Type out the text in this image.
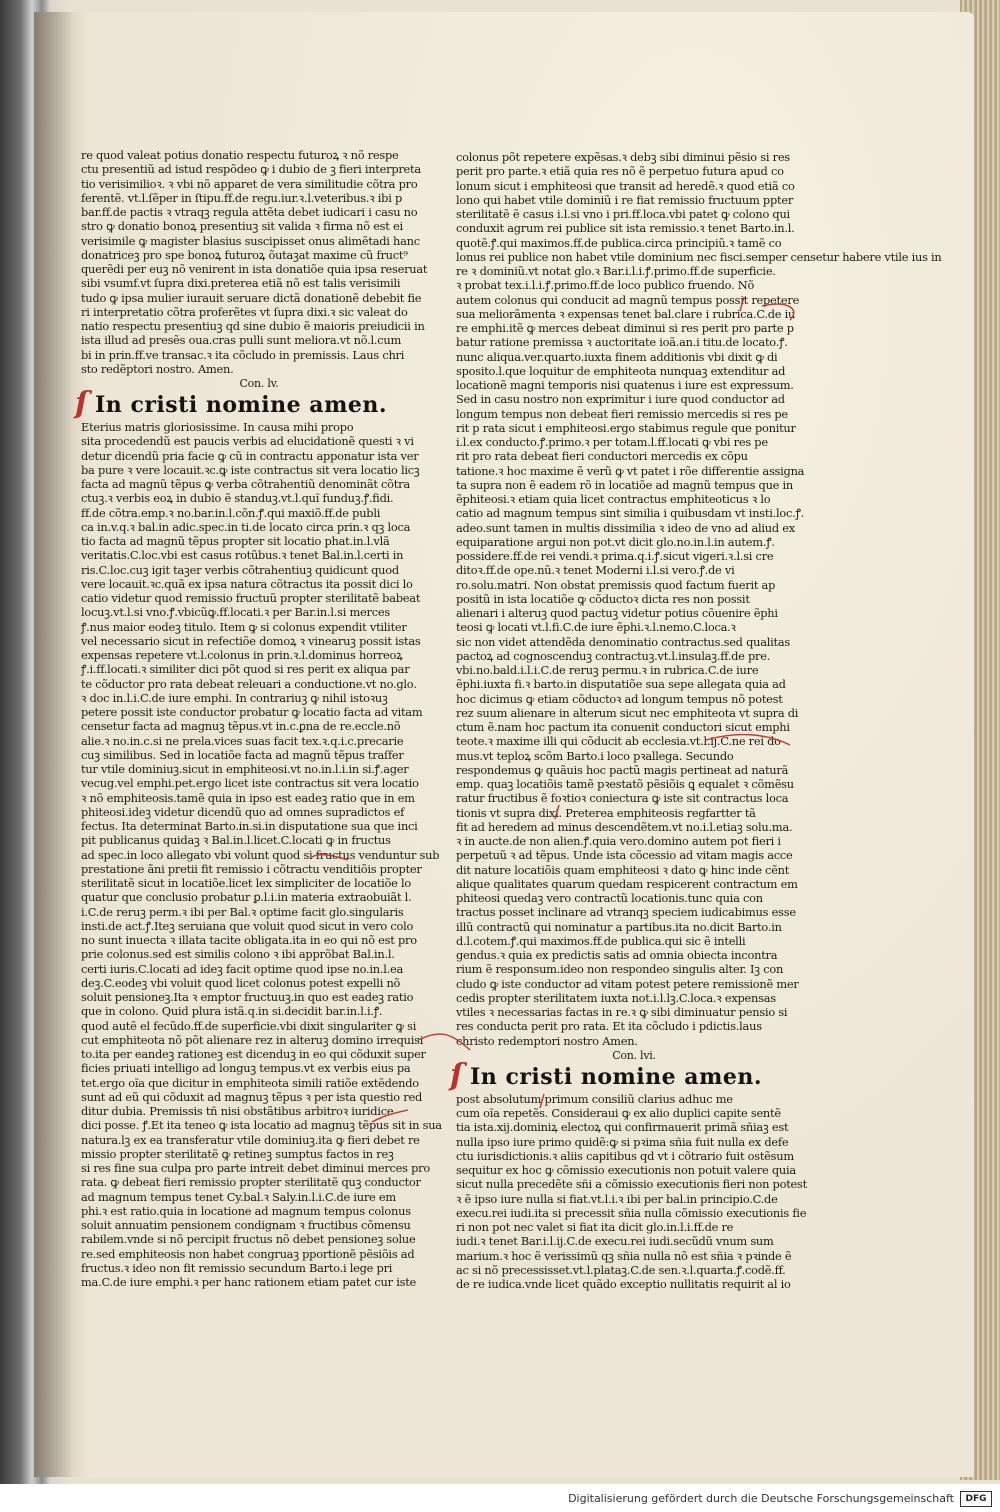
re quod valeat potius donatio respectu futuroꝝ ꝛ nõ respe
ctu presentiũ ad istud respõdeo ꝙ i dubio de ꝫ fieri interpreta
tio verisimilioꝛ. ꝛ vbi nõ apparet de vera similitudie cõtra pro
ferentẽ. vt.l.ſẽper in ſtipu.ff.de regu.iur.ꝛ.l.veteribus.ꝛ ibi p
bar.ff.de pactis ꝛ vtraqꝫ regula attẽta debet iudicari i casu no
stro ꝙ donatio bonoꝝ presentiuꝫ sit valida ꝛ firma nõ est ei
verisimile ꝙ magister blasius suscipisset onus alimẽtadi hanc
donatriceꝫ pro spe bonoꝝ futuroꝝ õutaꝫat maxime cũ fruct⁹
querẽdi per euꝫ nõ venirent in ista donatiõe quia ipsa reseruat
sibi vsumf.vt ſupra dixi.preterea etiã nõ est talis verisimili
tudo ꝙ ipsa mulier iurauit seruare dictã donationẽ debebit fie
ri interpretatio cõtra proferẽtes vt ſupra dixi.ꝛ sic valeat do
natio respectu presentiuꝫ qd sine dubio ẽ maioris preiudicii in
ista illud ad presẽs oua.cras pulli sunt meliora.vt nõ.l.cum
bi in prin.ff.ve transac.ꝛ ita cõcludo in premissis. Laus chri
sto redẽptori nostro. Amen.
Con. lv.
ſ In cristi nomine amen.
Eterius matris gloriosissime. In causa mihi propo
sita procedendũ est paucis verbis ad elucidationẽ questi ꝛ vi
detur dicendũ pria facie ꝙ cũ in contractu apponatur ista ver
ba pure ꝛ vere locauit.ꝛc.ꝙ iste contractus sit vera locatio licꝫ
facta ad magnũ tẽpus ꝙ verba cõtrahentiũ denominãt cõtra
ctuꝫ.ꝛ verbis eoꝝ in dubio ẽ standuꝫ.vt.l.quĩ funduꝫ.ꝭ.fidi.
ff.de cõtra.emp.ꝛ no.bar.in.l.cõn.ꝭ.qui maxiõ.ff.de publi
ca in.v.q.ꝛ bal.in adic.spec.in ti.de locato circa prin.ꝛ qꝫ loca
tio facta ad magnũ tẽpus propter sit locatio phat.in.l.vlã
veritatis.C.loc.vbi est casus rotũbus.ꝛ tenet Bal.in.l.certi in
ris.C.loc.cuꝫ igit taꝫer verbis cõtrahentiuꝫ quidicunt quod
vere locauit.ꝛc.quã ex ipsa natura cõtractus ita possit dici lo
catio videtur quod remissio fructuũ propter sterilitatẽ babeat
locuꝫ.vt.l.si vno.ꝭ.vbicũꝙ.ff.locati.ꝛ per Bar.in.l.si merces
ꝭ.nus maior eodeꝫ titulo. Item ꝙ si colonus expendit vtiliter
vel necessario sicut in refectiõe domoꝝ ꝛ vinearuꝫ possit istas
expensas repetere vt.l.colonus in prin.ꝛ.l.dominus horreoꝝ
ꝭ.i.ff.locati.ꝛ similiter dici põt quod si res perit ex aliqua par
te cõductor pro rata debeat releuari a conductione.vt no.glo.
ꝛ doc in.l.i.C.de iure emphi. In contrariuꝫ ꝙ nihil istoꝛuꝫ
petere possit iste conductor probatur ꝙ locatio facta ad vitam
censetur facta ad magnuꝫ tẽpus.vt in.c.ꝑna de re.eccle.nõ
alie.ꝛ no.in.c.si ne prela.vices suas facit tex.ꝛ.q.i.c.precarie
cuꝫ similibus. Sed in locatiõe facta ad magnũ tẽpus traſfer
tur vtile dominiuꝫ.sicut in emphiteosi.vt no.in.l.i.in si.ꝭ.ager
vecug.vel emphi.pet.ergo licet iste contractus sit vera locatio
ꝛ nõ emphiteosis.tamẽ quia in ipso est eadeꝫ ratio que in em
phiteosi.ideꝫ videtur dicendũ quo ad omnes supradictos ef
fectus. Ita determinat Barto.in.si.in disputatione sua que inci
pit publicanus quidaꝫ ꝛ Bal.in.l.licet.C.locati ꝙ in fructus
ad spec.in loco allegato vbi volunt quod si fructus venduntur sub
prestatione ãni pretii fit remissio i cõtractu venditiõis propter
sterilitatẽ sicut in locatiõe.licet lex simpliciter de locatiõe lo
quatur que conclusio probatur ꝑ.l.i.in materia extraobuiãt l.
i.C.de reruꝫ perm.ꝛ ibi per Bal.ꝛ optime facit glo.singularis
insti.de act.ꝭ.Iteꝫ seruiana que voluit quod sicut in vero colo
no sunt inuecta ꝛ illata tacite obligata.ita in eo qui nõ est pro
prie colonus.sed est similis colono ꝛ ibi apprõbat Bal.in.l.
certi iuris.C.locati ad ideꝫ facit optime quod ipse no.in.l.ea
deꝫ.C.eodeꝫ vbi voluit quod licet colonus potest expelli nõ
soluit pensioneꝫ.Ita ꝛ emptor fructuuꝫ.in quo est eadeꝫ ratio
que in colono. Quid plura istã.q.in si.decidit bar.in.l.i.ꝭ.
quod autẽ el fecũdo.ff.de superficie.vbi dixit singulariter ꝙ si
cut emphiteota nõ põt alienare rez in alteruꝫ domino irrequisi
to.ita per eandeꝫ rationeꝫ est dicenduꝫ in eo qui cõduxit super
ficies priuati intelligo ad longuꝫ tempus.vt ex verbis eius pa
tet.ergo oĩa que dicitur in emphiteota simili ratiõe extẽdendo
sunt ad eũ qui cõduxit ad magnuꝫ tẽpus ꝛ per ista questio red
ditur dubia. Premissis tñ nisi obstãtibus arbitroꝛ iuridice
dici posse. ꝭ.Et ita teneo ꝙ ista locatio ad magnuꝫ tẽpus sit in sua
natura.lꝫ ex ea transferatur vtile dominiuꝫ.ita ꝙ fieri debet re
missio propter sterilitatẽ ꝙ retineꝫ sumptus factos in reꝫ
si res fine sua culpa pro parte intreit debet diminui merces pro
rata. ꝙ debeat fieri remissio propter sterilitatẽ quꝫ conductor
ad magnum tempus tenet Cy.bal.ꝛ Saly.in.l.i.C.de iure em
phi.ꝛ est ratio.quia in locatione ad magnum tempus colonus
soluit annuatim pensionem condignam ꝛ fructibus cõmensu
rabilem.vnde si nõ percipit fructus nõ debet pensioneꝫ solue
re.sed emphiteosis non habet congruaꝫ pportionẽ pẽsiõis ad
fructus.ꝛ ideo non fit remissio secundum Barto.i lege pri
ma.C.de iure emphi.ꝛ per hanc rationem etiam patet cur iste
colonus põt repetere expẽsas.ꝛ debꝫ sibi diminui pẽsio si res
perit pro parte.ꝛ etiã quia res nõ ẽ perpetuo futura apud co
lonum sicut i emphiteosi que transit ad heredẽ.ꝛ quod etiã co
lono qui habet vtile dominiũ i re fiat remissio fructuum ppter
sterilitatẽ ẽ casus i.l.si vno i pri.ff.loca.vbi patet ꝙ colono qui
conduxit agrum rei publice sit ista remissio.ꝛ tenet Barto.in.l.
quotẽ.ꝭ.qui maximos.ff.de publica.circa principiũ.ꝛ tamẽ co
lonus rei publice non habet vtile dominium nec fisci.semper censetur habere vtile ius in
re ꝛ dominiũ.vt notat glo.ꝛ Bar.i.l.i.ꝭ.primo.ff.de superficie.
ꝛ probat tex.i.l.i.ꝭ.primo.ff.de loco publico fruendo. Nõ
autem colonus qui conducit ad magnũ tempus possit repetere
sua meliorãmenta ꝛ expensas tenet bal.clare i rubrica.C.de iu
re emphi.itẽ ꝙ merces debeat diminui si res perit pro parte p
batur ratione premissa ꝛ auctoritate ioã.an.i titu.de locato.ꝭ.
nunc aliqua.ver.quarto.iuxta finem additionis vbi dixit ꝙ di
sposito.l.que loquitur de emphiteota nunquaꝫ extenditur ad
locationẽ magni temporis nisi quatenus i iure est expressum.
Sed in casu nostro non exprimitur i iure quod conductor ad
longum tempus non debeat fieri remissio mercedis si res pe
rit p rata sicut i emphiteosi.ergo stabimus regule que ponitur
i.l.ex conducto.ꝭ.primo.ꝛ per totam.l.ff.locati ꝙ vbi res pe
rit pro rata debeat fieri conductori mercedis ex cõpu
tatione.ꝛ hoc maxime ẽ verũ ꝙ vt patet i rõe differentie assigna
ta supra non ẽ eadem rõ in locatiõe ad magnũ tempus que in
ẽphiteosi.ꝛ etiam quia licet contractus emphiteoticus ꝛ lo
catio ad magnum tempus sint similia i quibusdam vt insti.loc.ꝭ.
adeo.sunt tamen in multis dissimilia ꝛ ideo de vno ad aliud ex
equiparatione argui non pot.vt dicit glo.no.in.l.in autem.ꝭ.
possidere.ff.de rei vendi.ꝛ prima.q.i.ꝭ.sicut vigeri.ꝛ.l.si cre
ditoꝛ.ff.de ope.nũ.ꝛ tenet Moderni i.l.si vero.ꝭ.de vi
ro.solu.matri. Non obstat premissis quod factum fuerit ap
positũ in ista locatiõe ꝙ cõductoꝛ dicta res non possit
alienari i alteruꝫ quod pactuꝫ videtur potius cõuenire ẽphi
teosi ꝙ locati vt.l.fi.C.de iure ẽphi.ꝛ.l.nemo.C.loca.ꝛ
sic non videt attendẽda denominatio contractus.sed qualitas
pactoꝝ ad cognoscenduꝫ contractuꝫ.vt.l.insulaꝫ.ff.de pre.
vbi.no.bald.i.l.i.C.de reruꝫ permu.ꝛ in rubrica.C.de iure
ẽphi.iuxta fi.ꝛ barto.in disputatiõe sua sepe allegata quia ad
hoc dicimus ꝙ etiam cõductoꝛ ad longum tempus nõ potest
rez suum alienare in alterum sicut nec emphiteota vt supra di
ctum ẽ.nam hoc pactum ita conuenit conductori sicut emphi
teote.ꝛ maxime illi qui cõducit ab ecclesia.vt.l.ij.C.ne rei do
mus.vt teploꝝ scõm Barto.i loco pꝛallega. Secundo
respondemus ꝙ quãuis hoc pactũ magis pertineat ad naturã
emp. quaꝫ locatiõis tamẽ pꝛestatõ pẽsiõis ꝗ equalet ꝛ cõmẽsu
ratur fructibus ẽ foꝛtioꝛ coniectura ꝙ iste sit contractus loca
tionis vt supra dixi. Preterea emphiteosis regfartter tã
fit ad heredem ad minus descendẽtem.vt no.i.l.etiaꝫ solu.ma.
ꝛ in aucte.de non alien.ꝭ.quia vero.domino autem pot fieri i
perpetuũ ꝛ ad tẽpus. Unde ista cõcessio ad vitam magis acce
dit nature locatiõis quam emphiteosi ꝛ dato ꝙ hinc inde cẽnt
alique qualitates quarum quedam respicerent contractum em
phiteosi quedaꝫ vero contractũ locationis.tunc quia con
tractus posset inclinare ad vtranqꝫ speciem iudicabimus esse
illũ contractũ qui nominatur a partibus.ita no.dicit Barto.in
d.l.cotem.ꝭ.qui maximos.ff.de publica.qui sic ẽ intelli
gendus.ꝛ quia ex predictis satis ad omnia obiecta incontra
rium ẽ responsum.ideo non respondeo singulis alter. Iꝫ con
cludo ꝙ iste conductor ad vitam potest petere remissionẽ mer
cedis propter sterilitatem iuxta not.i.l.lꝫ.C.loca.ꝛ expensas
vtiles ꝛ necessarias factas in re.ꝛ ꝙ sibi diminuatur pensio si
res conducta perit pro rata. Et ita cõcludo i pdictis.laus
christo redemptori nostro Amen.
Con. lvi.
ſ In cristi nomine amen.
post absolutum primum consiliũ clarius adhuc me
cum oĩa repetẽs. Consideraui ꝙ ex alio duplici capite sentẽ
tia ista.xij.dominiꝝ electoꝝ qui confirmauerit primã sñiaꝫ est
nulla ipso iure primo quidẽ:ꝙ si pꝛima sñia fuit nulla ex defe
ctu iurisdictionis.ꝛ aliis capitibus qd vt i cõtrario fuit ostẽsum
sequitur ex hoc ꝙ cõmissio executionis non potuit valere quia
sicut nulla precedẽte sñi a cõmissio executionis fieri non potest
ꝛ ẽ ipso iure nulla si fiat.vt.l.i.ꝛ ibi per bal.in principio.C.de
execu.rei iudi.ita si precessit sñia nulla cõmissio executionis fie
ri non pot nec valet si fiat ita dicit glo.in.l.i.ff.de re
iudi.ꝛ tenet Bar.i.l.ij.C.de execu.rei iudi.secũdũ vnum sum
marium.ꝛ hoc ẽ verissimũ qꝫ sñia nulla nõ est sñia ꝛ pꝛinde ẽ
ac si nõ precessisset.vt.l.plataꝫ.C.de sen.ꝛ.l.quarta.ꝭ.codẽ.ff.
de re iudica.vnde licet quãdo exceptio nullitatis requirit al io
Digitalisierung gefördert durch die Deutsche Forschungsgemeinschaft	DFG
